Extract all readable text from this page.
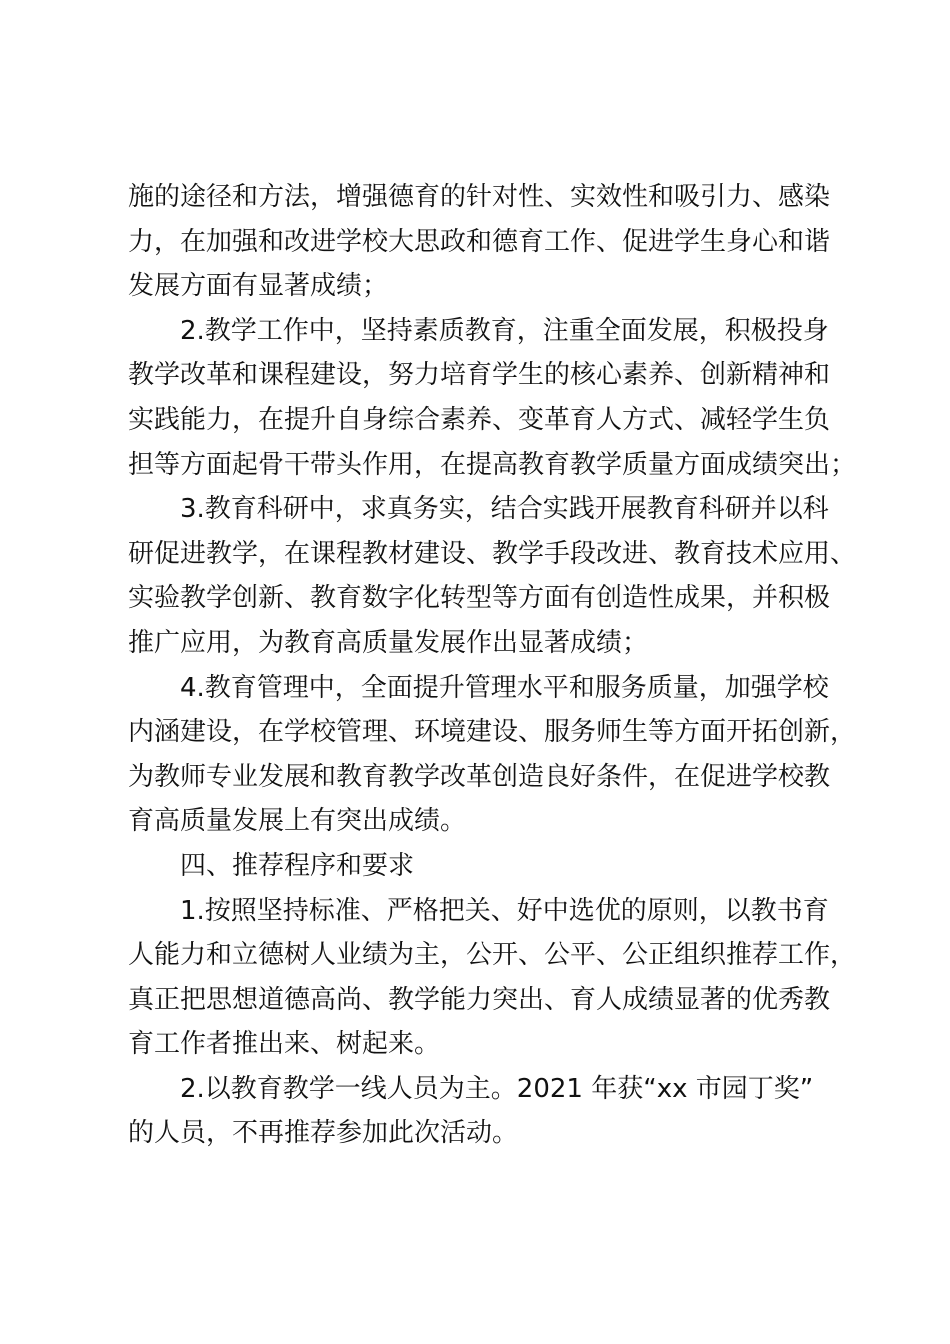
施的途径和方法，增强德育的针对性、实效性和吸引力、感染
力，在加强和改进学校大思政和德育工作、促进学生身心和谐
发展方面有显著成绩；
2.教学工作中，坚持素质教育，注重全面发展，积极投身
教学改革和课程建设，努力培育学生的核心素养、创新精神和
实践能力，在提升自身综合素养、变革育人方式、减轻学生负
担等方面起骨干带头作用，在提高教育教学质量方面成绩突出；
3.教育科研中，求真务实，结合实践开展教育科研并以科
研促进教学，在课程教材建设、教学手段改进、教育技术应用、
实验教学创新、教育数字化转型等方面有创造性成果，并积极
推广应用，为教育高质量发展作出显著成绩；
4.教育管理中，全面提升管理水平和服务质量，加强学校
内涵建设，在学校管理、环境建设、服务师生等方面开拓创新，
为教师专业发展和教育教学改革创造良好条件，在促进学校教
育高质量发展上有突出成绩。
四、推荐程序和要求
1.按照坚持标准、严格把关、好中选优的原则，以教书育
人能力和立德树人业绩为主，公开、公平、公正组织推荐工作，
真正把思想道德高尚、教学能力突出、育人成绩显著的优秀教
育工作者推出来、树起来。
2.以教育教学一线人员为主。2021 年获“xx 市园丁奖”
的人员，不再推荐参加此次活动。
